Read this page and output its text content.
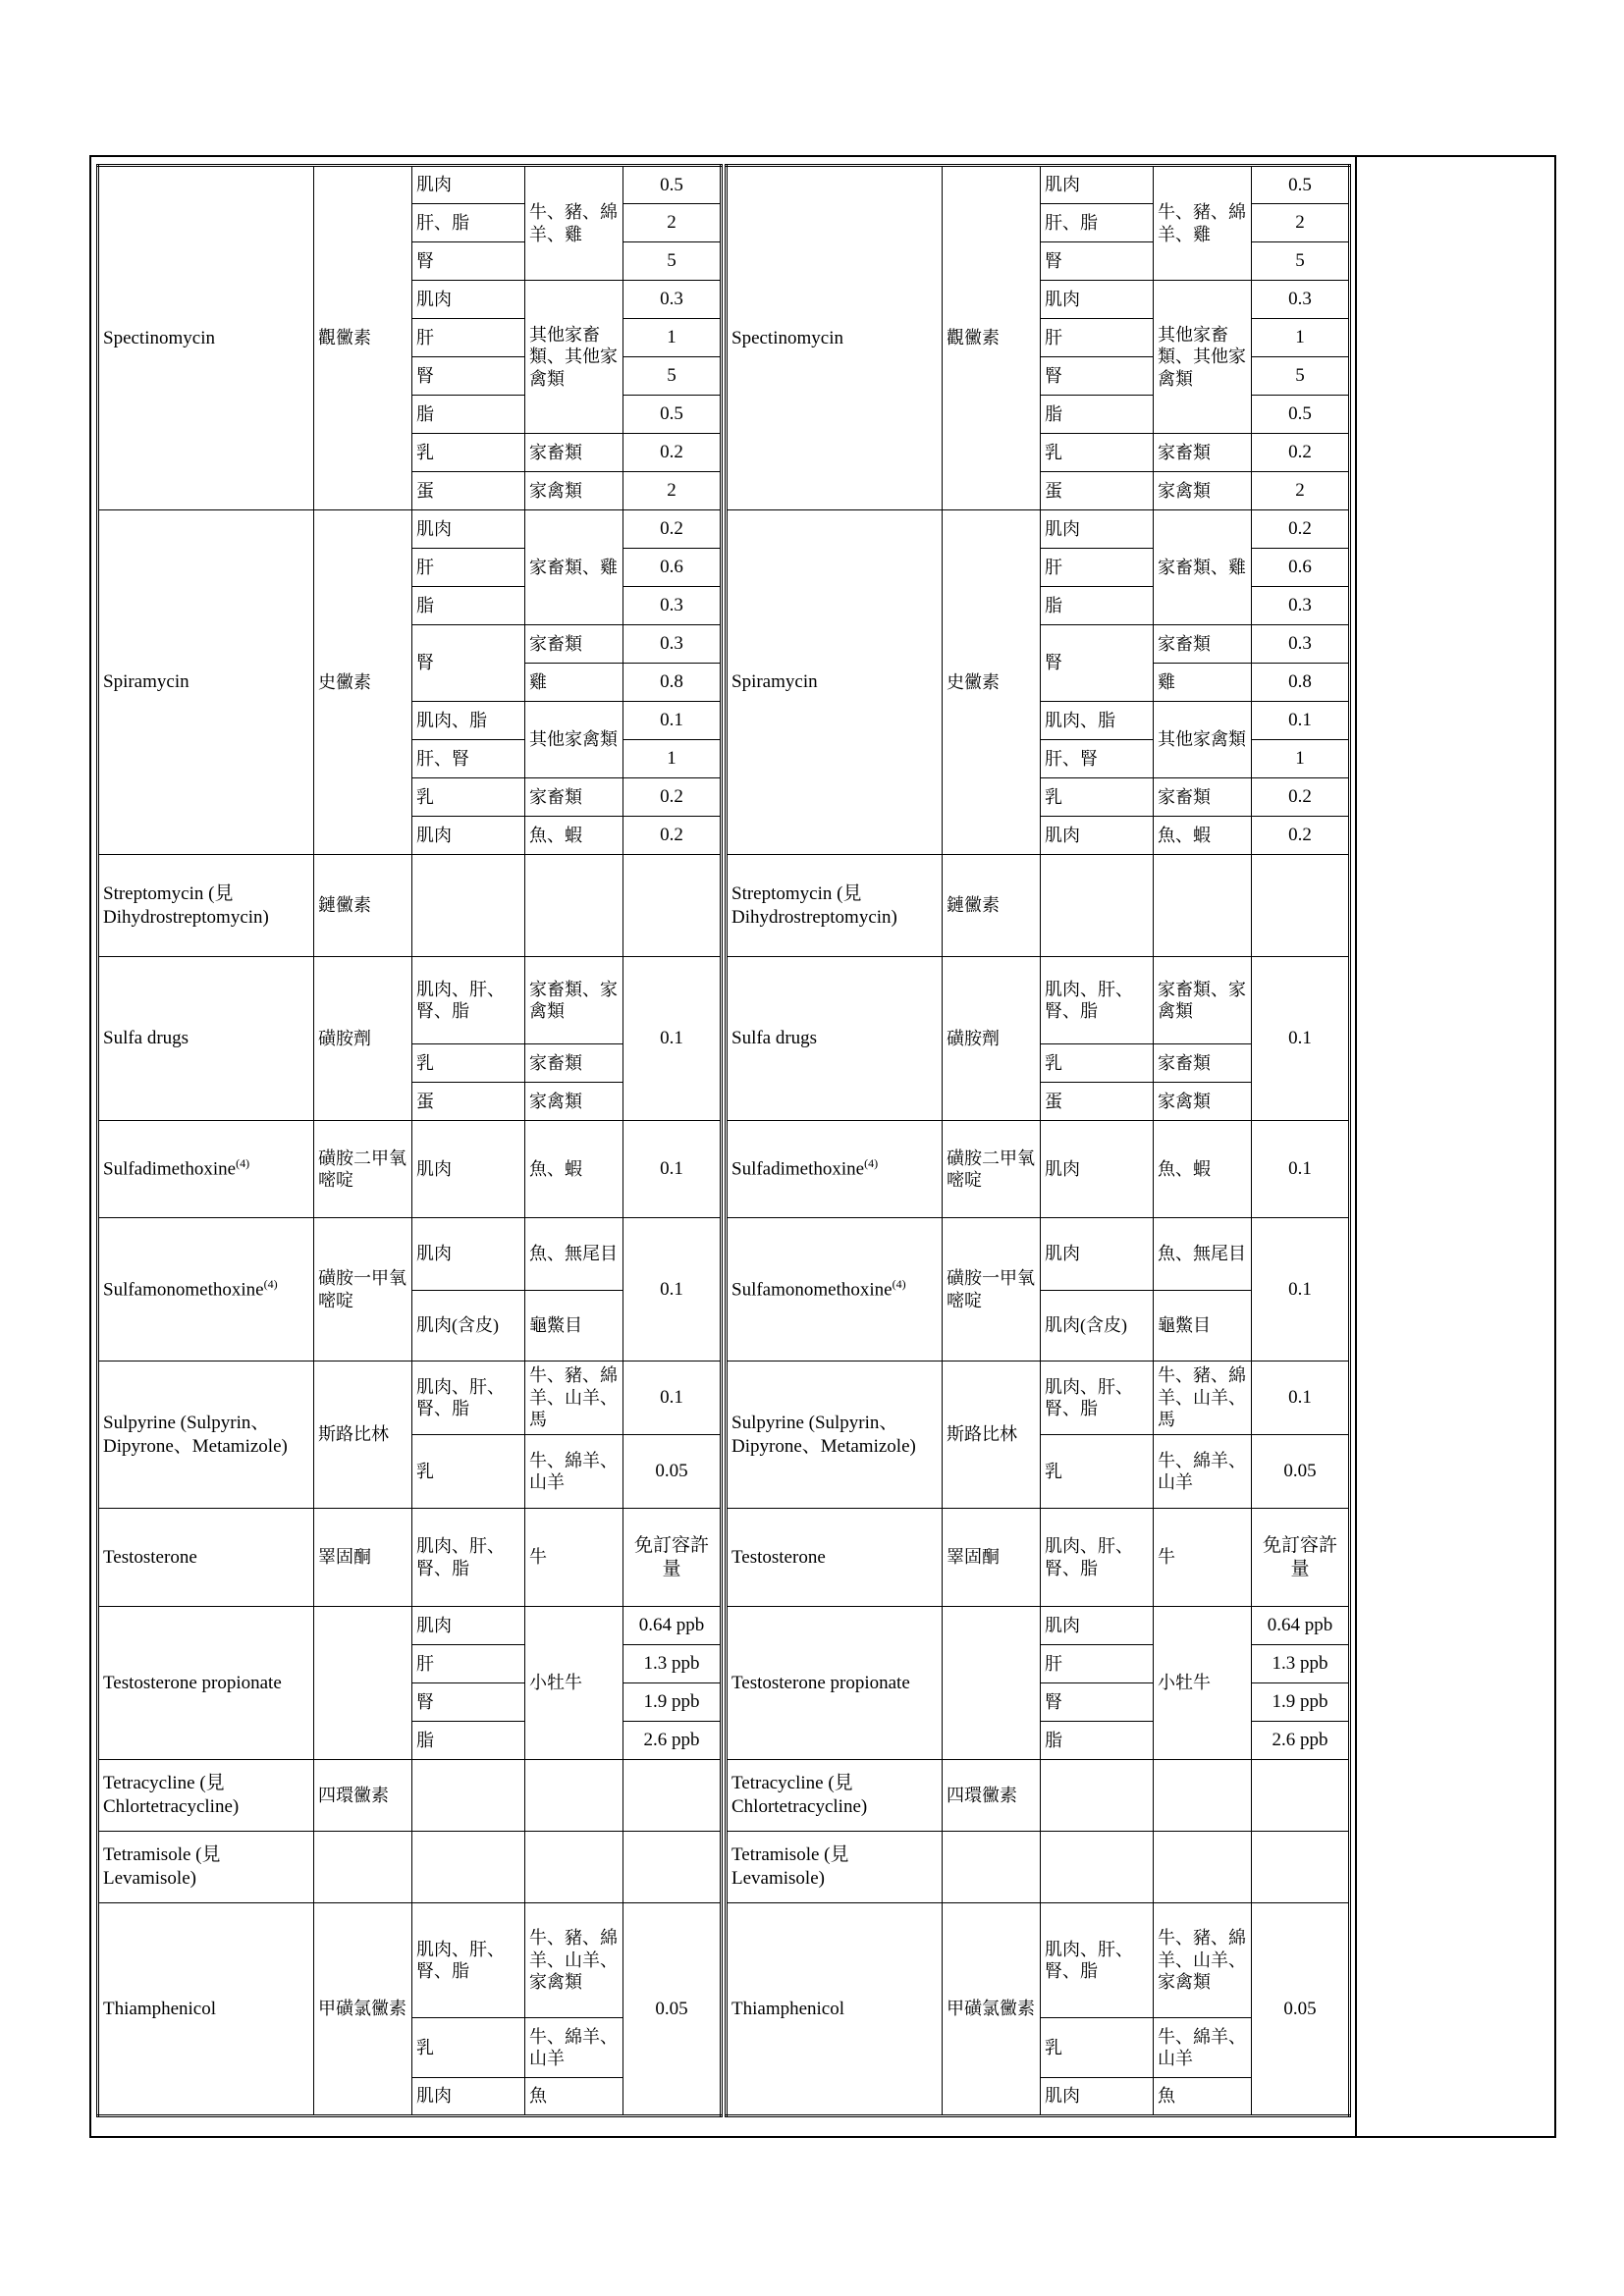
Spectinomycin	觀黴素	肌肉	牛、豬、綿羊、雞	0.5
		肝、脂		2
		腎		5
		肌肉	其他家畜類、其他家禽類	0.3
		肝		1
		腎		5
		脂		0.5
		乳	家畜類	0.2
		蛋	家禽類	2
Spiramycin	史黴素	肌肉	家畜類、雞	0.2
		肝		0.6
		脂		0.3
		腎	家畜類	0.3
			雞	0.8
		肌肉、脂	其他家禽類	0.1
		肝、腎		1
		乳	家畜類	0.2
		肌肉	魚、蝦	0.2
Streptomycin (見Dihydrostreptomycin)	鏈黴素			
Sulfa drugs	磺胺劑	肌肉、肝、腎、脂	家畜類、家禽類	0.1
		乳	家畜類	
		蛋	家禽類	
Sulfadimethoxine$^{(4)}$	磺胺二甲氧嘧啶	肌肉	魚、蝦	0.1
Sulfamonomethoxine$^{(4)}$	磺胺一甲氧嘧啶	肌肉	魚、無尾目	0.1
		肌肉(含皮)	龜鱉目	
Sulpyrine (Sulpyrin、Dipyrone、Metamizole)	斯路比林	肌肉、肝、腎、脂	牛、豬、綿羊、山羊、馬	0.1
		乳	牛、綿羊、山羊	0.05
Testosterone	睪固酮	肌肉、肝、腎、脂	牛	免訂容許量
Testosterone propionate		肌肉	小牡牛	0.64 ppb
		肝		1.3 ppb
		腎		1.9 ppb
		脂		2.6 ppb
Tetracycline (見Chlortetracycline)	四環黴素			
Tetramisole (見Levamisole)				
Thiamphenicol	甲磺氯黴素	肌肉、肝、腎、脂	牛、豬、綿羊、山羊、家禽類	0.05
		乳	牛、綿羊、山羊	
		肌肉	魚	
Spectinomycin	觀黴素	肌肉	牛、豬、綿羊、雞	0.5
		肝、脂		2
		腎		5
		肌肉	其他家畜類、其他家禽類	0.3
		肝		1
		腎		5
		脂		0.5
		乳	家畜類	0.2
		蛋	家禽類	2
Spiramycin	史黴素	肌肉	家畜類、雞	0.2
		肝		0.6
		脂		0.3
		腎	家畜類	0.3
			雞	0.8
		肌肉、脂	其他家禽類	0.1
		肝、腎		1
		乳	家畜類	0.2
		肌肉	魚、蝦	0.2
Streptomycin (見Dihydrostreptomycin)	鏈黴素			
Sulfa drugs	磺胺劑	肌肉、肝、腎、脂	家畜類、家禽類	0.1
		乳	家畜類	
		蛋	家禽類	
Sulfadimethoxine$^{(4)}$	磺胺二甲氧嘧啶	肌肉	魚、蝦	0.1
Sulfamonomethoxine$^{(4)}$	磺胺一甲氧嘧啶	肌肉	魚、無尾目	0.1
		肌肉(含皮)	龜鱉目	
Sulpyrine (Sulpyrin、Dipyrone、Metamizole)	斯路比林	肌肉、肝、腎、脂	牛、豬、綿羊、山羊、馬	0.1
		乳	牛、綿羊、山羊	0.05
Testosterone	睪固酮	肌肉、肝、腎、脂	牛	免訂容許量
Testosterone propionate		肌肉	小牡牛	0.64 ppb
		肝		1.3 ppb
		腎		1.9 ppb
		脂		2.6 ppb
Tetracycline (見Chlortetracycline)	四環黴素			
Tetramisole (見Levamisole)				
Thiamphenicol	甲磺氯黴素	肌肉、肝、腎、脂	牛、豬、綿羊、山羊、家禽類	0.05
		乳	牛、綿羊、山羊	
		肌肉	魚	
